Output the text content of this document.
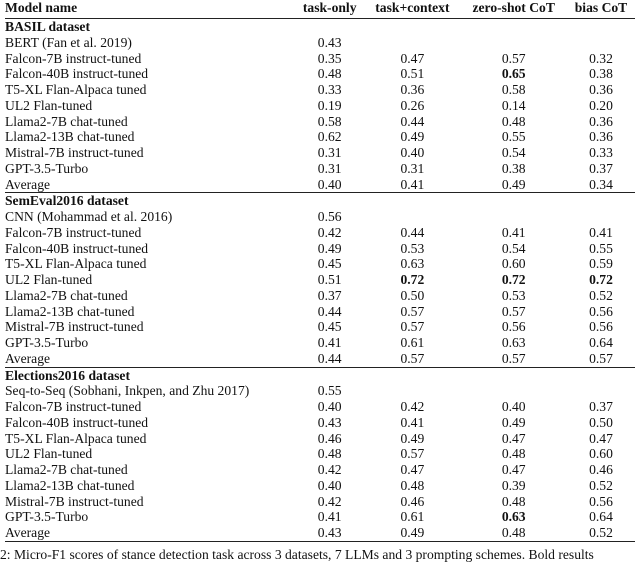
Model name	task-only	task+context	zero-shot CoT	bias CoT
BASIL dataset				
BERT (Fan et al. 2019)	0.43			
Falcon-7B instruct-tuned	0.35	0.47	0.57	0.32
Falcon-40B instruct-tuned	0.48	0.51	0.65	0.38
T5-XL Flan-Alpaca tuned	0.33	0.36	0.58	0.36
UL2 Flan-tuned	0.19	0.26	0.14	0.20
Llama2-7B chat-tuned	0.58	0.44	0.48	0.36
Llama2-13B chat-tuned	0.62	0.49	0.55	0.36
Mistral-7B instruct-tuned	0.31	0.40	0.54	0.33
GPT-3.5-Turbo	0.31	0.31	0.38	0.37
Average	0.40	0.41	0.49	0.34
SemEval2016 dataset				
CNN (Mohammad et al. 2016)	0.56			
Falcon-7B instruct-tuned	0.42	0.44	0.41	0.41
Falcon-40B instruct-tuned	0.49	0.53	0.54	0.55
T5-XL Flan-Alpaca tuned	0.45	0.63	0.60	0.59
UL2 Flan-tuned	0.51	0.72	0.72	0.72
Llama2-7B chat-tuned	0.37	0.50	0.53	0.52
Llama2-13B chat-tuned	0.44	0.57	0.57	0.56
Mistral-7B instruct-tuned	0.45	0.57	0.56	0.56
GPT-3.5-Turbo	0.41	0.61	0.63	0.64
Average	0.44	0.57	0.57	0.57
Elections2016 dataset				
Seq-to-Seq (Sobhani, Inkpen, and Zhu 2017)	0.55			
Falcon-7B instruct-tuned	0.40	0.42	0.40	0.37
Falcon-40B instruct-tuned	0.43	0.41	0.49	0.50
T5-XL Flan-Alpaca tuned	0.46	0.49	0.47	0.47
UL2 Flan-tuned	0.48	0.57	0.48	0.60
Llama2-7B chat-tuned	0.42	0.47	0.47	0.46
Llama2-13B chat-tuned	0.40	0.48	0.39	0.52
Mistral-7B instruct-tuned	0.42	0.46	0.48	0.56
GPT-3.5-Turbo	0.41	0.61	0.63	0.64
Average	0.43	0.49	0.48	0.52
2: Micro-F1 scores of stance detection task across 3 datasets, 7 LLMs and 3 prompting schemes. Bold results
